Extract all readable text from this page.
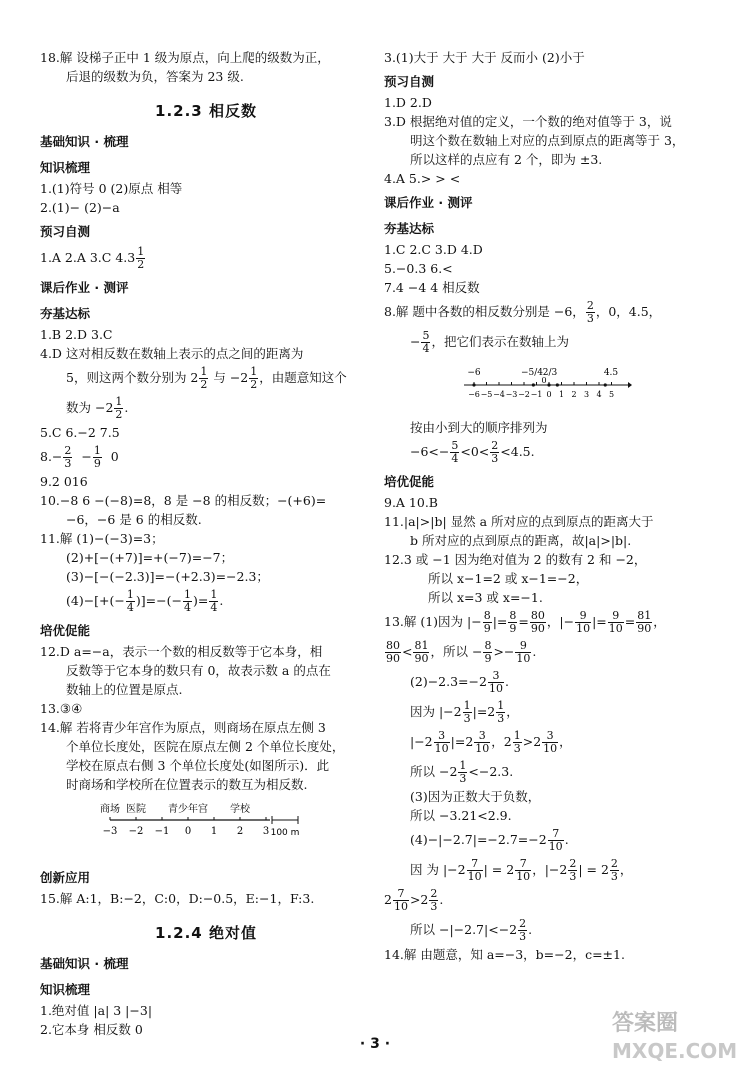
18.解 设梯子正中 1 级为原点，向上爬的级数为正，
后退的级数为负，答案为 23 级.
1.2.3 相反数
基础知识 · 梳理
知识梳理
1.(1)符号 0 (2)原点 相等
2.(1)− (2)−a
预习自测
1.A 2.A 3.C $4.3 \frac{1}{2}$
课后作业 · 测评
夯基达标
1.B 2.D 3.C
4.D 这对相反数在数轴上表示的点之间的距离为
5，则这两个数分别为 $2 \frac{1}{2}$ 与 $-2 \frac{1}{2}$ ，由题意知这个
数为 $-2 \frac{1}{2}$ .
5.C 6.−2 7.5
$8.- \frac{2}{3} - \frac{1}{9} 0$
9.2 016
10.−8 6 −(−8)=8，8 是 −8 的相反数；−(+6)=
−6，−6 是 6 的相反数.
11.解 (1)−(−3)=3；
(2)+[−(+7)]=+(−7)=−7；
(3)−[−(−2.3)]=−(+2.3)=−2.3；
$(4)-[+(- \frac{1}{4}$ )]=−(− $\frac{1}{4}$ )= $\frac{1}{4}$ .
培优促能
12.D a=−a，表示一个数的相反数等于它本身，相
反数等于它本身的数只有 0，故表示数 a 的点在
数轴上的位置是原点.
13.③④
14.解 若将青少年宫作为原点，则商场在原点左侧 3
个单位长度处，医院在原点左侧 2 个单位长度处，
学校在原点右侧 3 个单位长度处(如图所示)．此
时商场和学校所在位置表示的数互为相反数.
商场 医院 青少年宫 学校
−3 −2 −1 0 1 2 3 100 m
创新应用
15.解 A:1，B:−2，C:0，D:−0.5，E:−1，F:3.
1.2.4 绝对值
基础知识 · 梳理
知识梳理
1.绝对值 |a| 3 |−3|
2.它本身 相反数 0
3.(1)大于 大于 大于 反而小 (2)小于
预习自测
1.D 2.D
3.D 根据绝对值的定义，一个数的绝对值等于 3，说
明这个数在数轴上对应的点到原点的距离等于 3，
所以这样的点应有 2 个，即为 ±3.
4.A 5.> > <
课后作业 · 测评
夯基达标
1.C 2.C 3.D 4.D
5.−0.3 6.<
7.4 −4 4 相反数
8.解 题中各数的相反数分别是 −6， $\frac{2}{3}$ ，0，4.5，
− $\frac{5}{4}$ ，把它们表示在数轴上为
−6 −5 −4 −3 −2 −1 0 1 2 3 4 5
−6	−5/4 2/3
0
4.5
按由小到大的顺序排列为
$-6<- \frac{5}{4} <0< \frac{2}{3} <4.5$.
培优促能
9.A 10.B
11.|a|>|b| 显然 a 所对应的点到原点的距离大于
b 所对应的点到原点的距离，故|a|>|b|.
12.3 或 −1 因为绝对值为 2 的数有 2 和 −2，
所以 x−1=2 或 x−1=−2，
所以 x=3 或 x=−1.
13.解 (1)因为 |− $\frac{8}{9}$ |= $\frac{8}{9} = \frac{80}{90}$ ，|− $\frac{9}{10}$ |= $\frac{9}{10} = \frac{81}{90}$ ，
$\frac{80}{90} < \frac{81}{90}$ ，所以 − $\frac{8}{9} >- \frac{9}{10}$ .
$(2)-2.3=-2 \frac{3}{10}$ .
因为 $|-2 \frac{1}{3} |=2 \frac{1}{3}$ ，
$|-2 \frac{3}{10} |=2 \frac{3}{10}$ ，$2 \frac{1}{3} >2 \frac{3}{10}$ ，
所以 $-2 \frac{1}{3} <-2.3$.
(3)因为正数大于负数，
所以 −3.21<2.9.
$(4)-|-2.7|=-2.7=-2 \frac{7}{10}$ .
因 为 $|-2 \frac{7}{10}$ | = $2 \frac{7}{10}$ ，$|-2 \frac{2}{3}$ | = $2 \frac{2}{3}$ ，
$2 \frac{7}{10} >2 \frac{2}{3}$ .
所以 $-|-2.7|<-2 \frac{2}{3}$ .
14.解 由题意，知 a=−3，b=−2，c=±1.
· 3 ·
答案圈
MXQE.COM
